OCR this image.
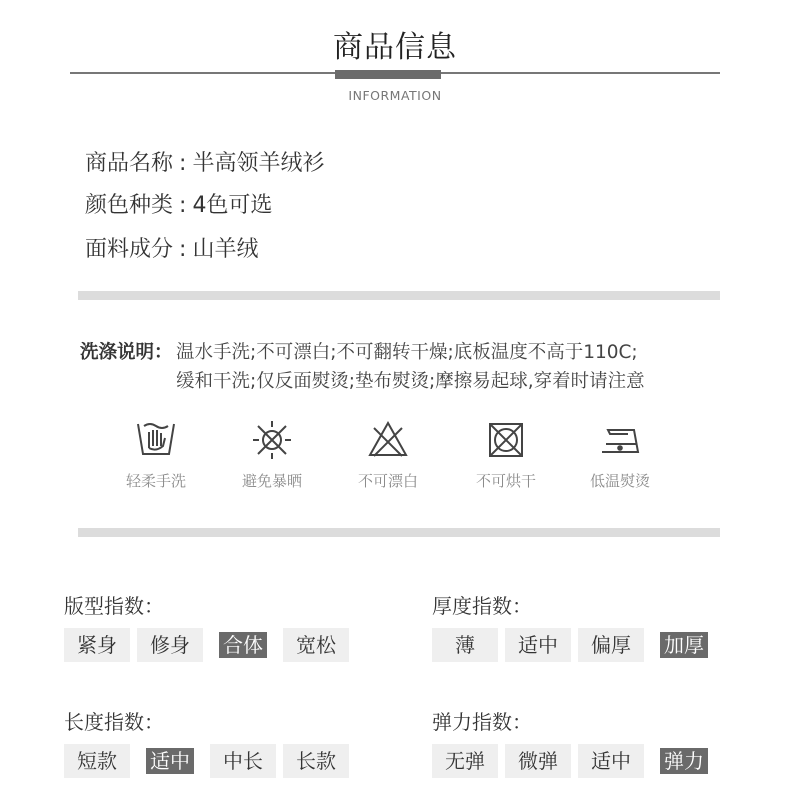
商品信息
INFORMATION
商品名称 : 半高领羊绒衫
颜色种类 : 4色可选
面料成分 : 山羊绒
洗涤说明： 温水手洗;不可漂白;不可翻转干燥;底板温度不高于110C;
缓和干洗;仅反面熨烫;垫布熨烫;摩擦易起球,穿着时请注意
轻柔手洗	避免暴晒	不可漂白	不可烘干	低温熨烫
版型指数：
紧身	修身	合体	宽松
厚度指数：
薄	适中	偏厚	加厚
长度指数：
短款	适中	中长	长款
弹力指数：
无弹	微弹	适中	弹力
